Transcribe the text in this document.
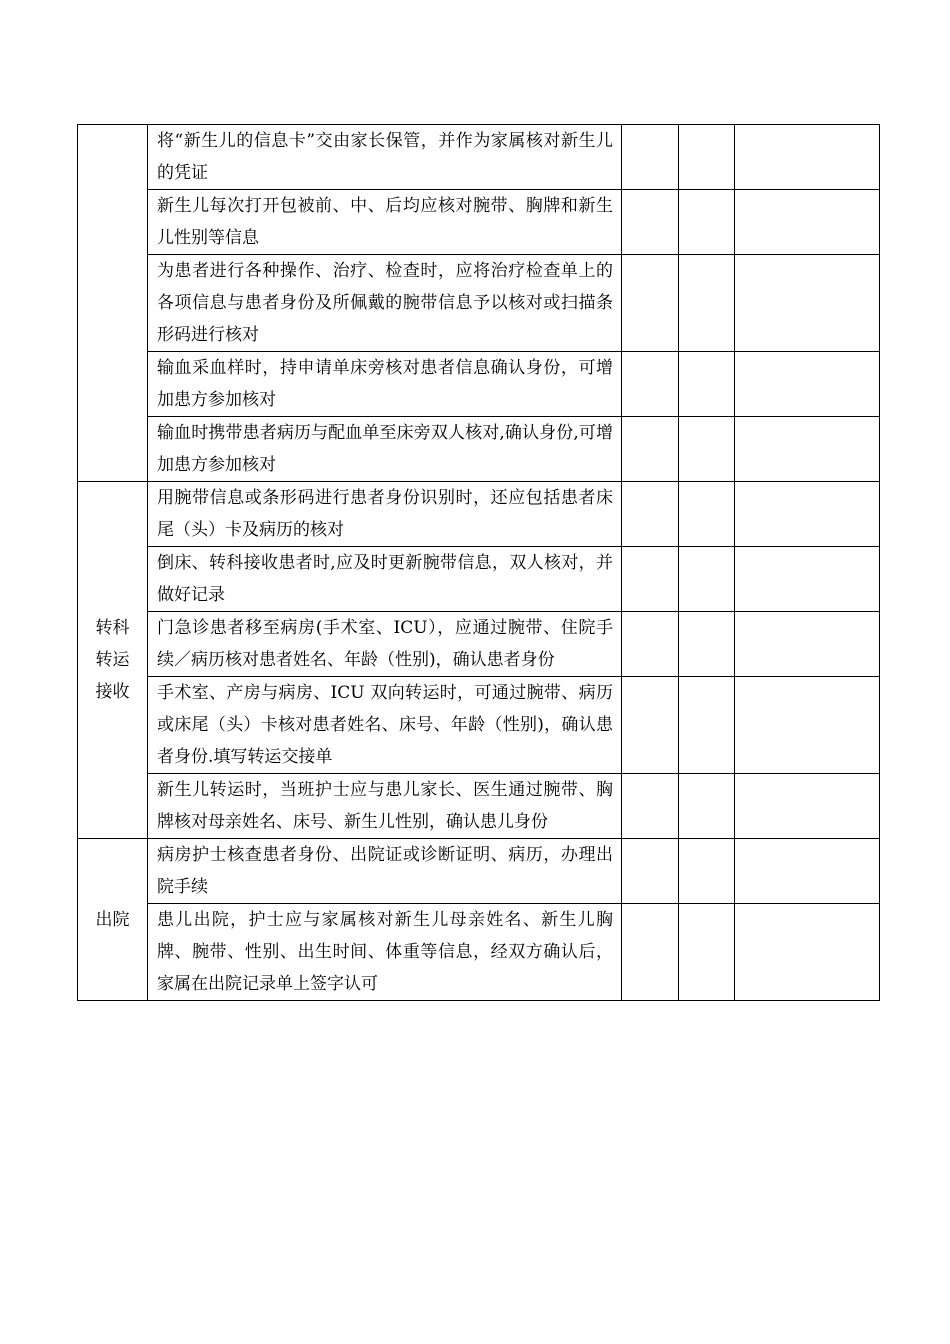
	将“新生儿的信息卡”交由家长保管，并作为家属核对新生儿的凭证			
	新生儿每次打开包被前、中、后均应核对腕带、胸牌和新生儿性别等信息			
	为患者进行各种操作、治疗、检查时，应将治疗检查单上的各项信息与患者身份及所佩戴的腕带信息予以核对或扫描条形码进行核对			
	输血采血样时，持申请单床旁核对患者信息确认身份，可增加患方参加核对			
	输血时携带患者病历与配血单至床旁双人核对,确认身份,可增加患方参加核对			

转科
转运
接收	用腕带信息或条形码进行患者身份识别时，还应包括患者床尾（头）卡及病历的核对			
	倒床、转科接收患者时,应及时更新腕带信息，双人核对，并做好记录			
	门急诊患者移至病房(手术室、ICU），应通过腕带、住院手续／病历核对患者姓名、年龄（性别)，确认患者身份			
	手术室、产房与病房、ICU 双向转运时，可通过腕带、病历或床尾（头）卡核对患者姓名、床号、年龄（性别)，确认患者身份.填写转运交接单			
	新生儿转运时，当班护士应与患儿家长、医生通过腕带、胸牌核对母亲姓名、床号、新生儿性别，确认患儿身份			

出院	病房护士核查患者身份、出院证或诊断证明、病历，办理出院手续			
	患儿出院，护士应与家属核对新生儿母亲姓名、新生儿胸牌、腕带、性别、出生时间、体重等信息，经双方确认后，家属在出院记录单上签字认可			
